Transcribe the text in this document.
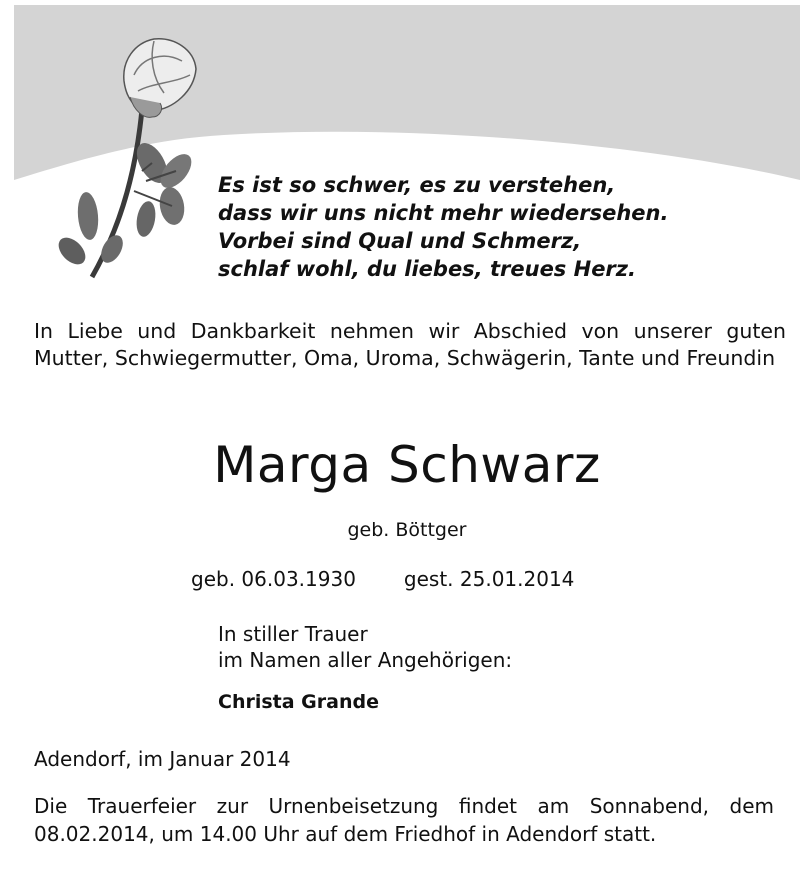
Es ist so schwer, es zu verstehen,
dass wir uns nicht mehr wiedersehen.
Vorbei sind Qual und Schmerz,
schlaf wohl, du liebes, treues Herz.

In Liebe und Dankbarkeit nehmen wir Abschied von unserer guten Mutter, Schwiegermutter, Oma, Uroma, Schwägerin, Tante und Freundin

Marga Schwarz
geb. Böttger
geb. 06.03.1930 gest. 25.01.2014
In stiller Trauer
im Namen aller Angehörigen:
Christa Grande
Adendorf, im Januar 2014
Die Trauerfeier zur Urnenbeisetzung findet am Sonnabend, dem
08.02.2014, um 14.00 Uhr auf dem Friedhof in Adendorf statt.
